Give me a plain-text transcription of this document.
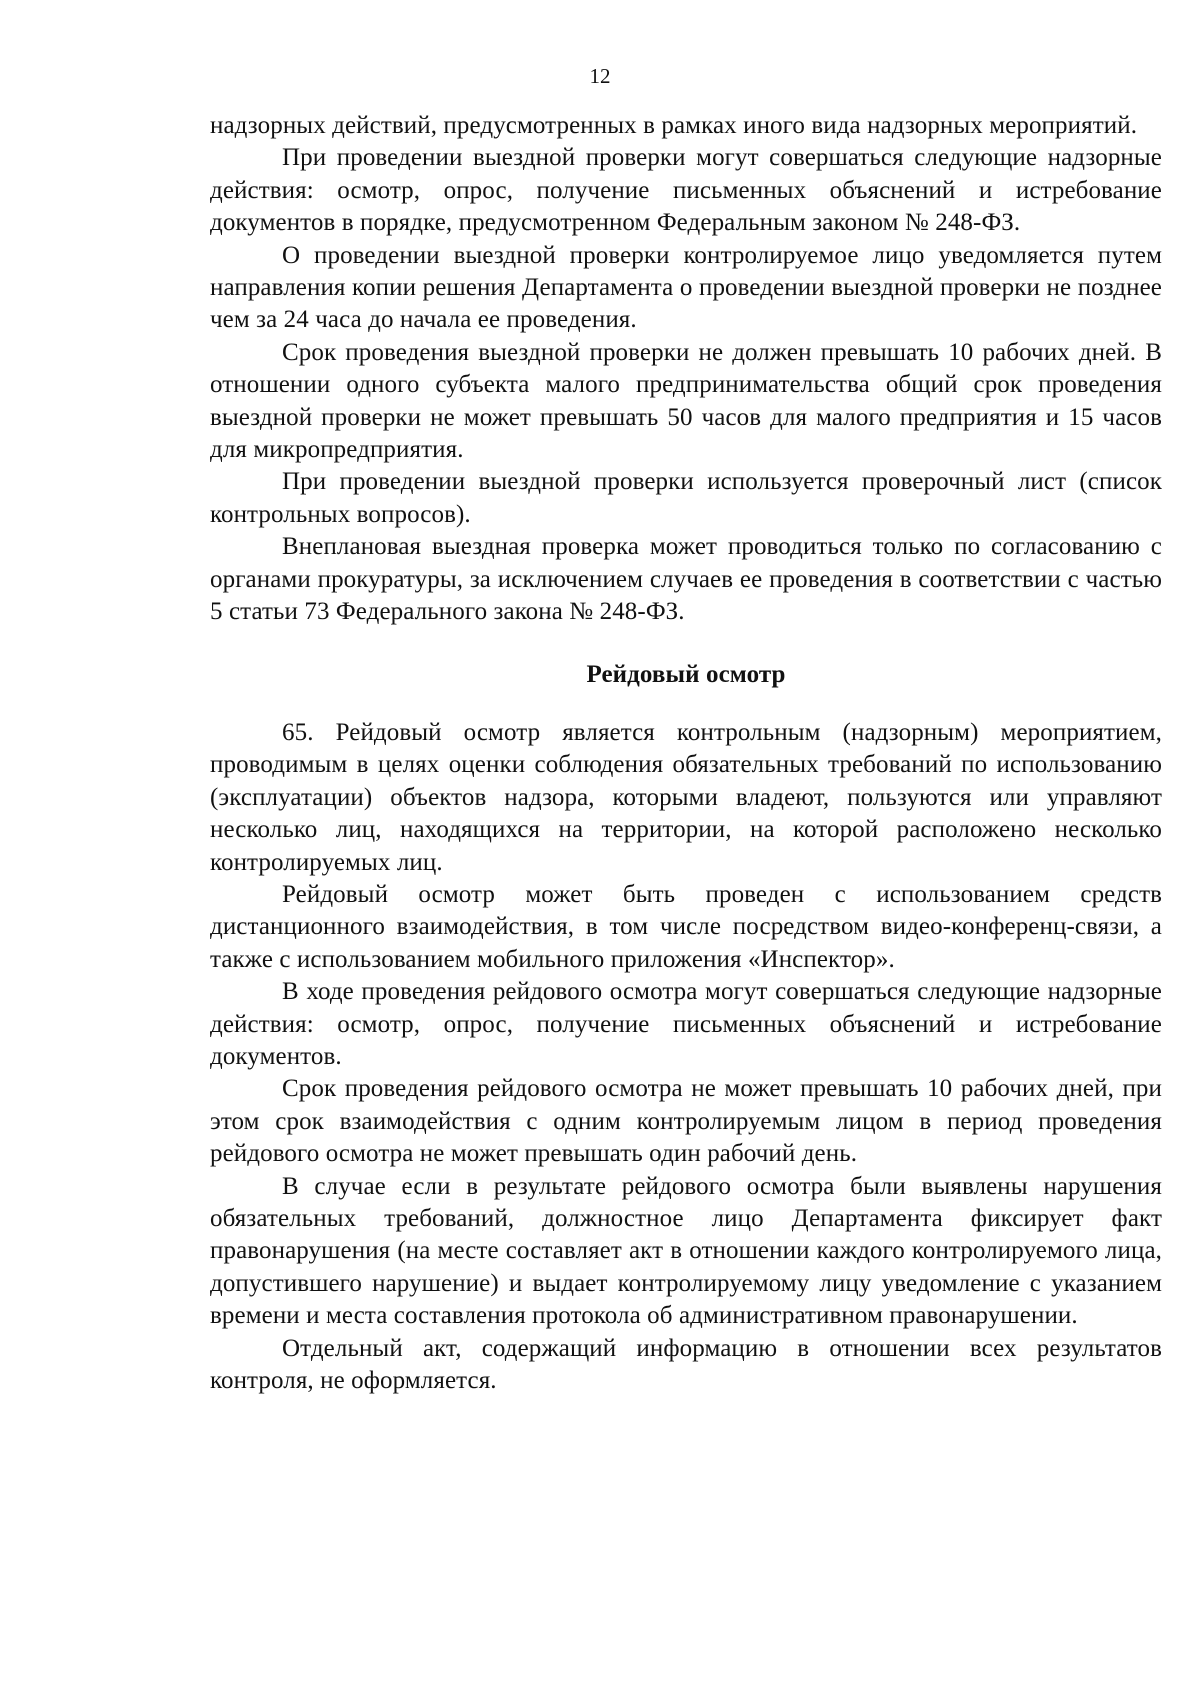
12

надзорных действий, предусмотренных в рамках иного вида надзорных мероприятий.

При проведении выездной проверки могут совершаться следующие надзорные действия: осмотр, опрос, получение письменных объяснений и истребование документов в порядке, предусмотренном Федеральным законом № 248-ФЗ.

О проведении выездной проверки контролируемое лицо уведомляется путем направления копии решения Департамента о проведении выездной проверки не позднее чем за 24 часа до начала ее проведения.

Срок проведения выездной проверки не должен превышать 10 рабочих дней. В отношении одного субъекта малого предпринимательства общий срок проведения выездной проверки не может превышать 50 часов для малого предприятия и 15 часов для микропредприятия.

При проведении выездной проверки используется проверочный лист (список контрольных вопросов).

Внеплановая выездная проверка может проводиться только по согласованию с органами прокуратуры, за исключением случаев ее проведения в соответствии с частью 5 статьи 73 Федерального закона № 248-ФЗ.

Рейдовый осмотр

65. Рейдовый осмотр является контрольным (надзорным) мероприятием, проводимым в целях оценки соблюдения обязательных требований по использованию (эксплуатации) объектов надзора, которыми владеют, пользуются или управляют несколько лиц, находящихся на территории, на которой расположено несколько контролируемых лиц.

Рейдовый осмотр может быть проведен с использованием средств дистанционного взаимодействия, в том числе посредством видео-конференц-связи, а также с использованием мобильного приложения «Инспектор».

В ходе проведения рейдового осмотра могут совершаться следующие надзорные действия: осмотр, опрос, получение письменных объяснений и истребование документов.

Срок проведения рейдового осмотра не может превышать 10 рабочих дней, при этом срок взаимодействия с одним контролируемым лицом в период проведения рейдового осмотра не может превышать один рабочий день.

В случае если в результате рейдового осмотра были выявлены нарушения обязательных требований, должностное лицо Департамента фиксирует факт правонарушения (на месте составляет акт в отношении каждого контролируемого лица, допустившего нарушение) и выдает контролируемому лицу уведомление с указанием времени и места составления протокола об административном правонарушении.

Отдельный акт, содержащий информацию в отношении всех результатов контроля, не оформляется.
